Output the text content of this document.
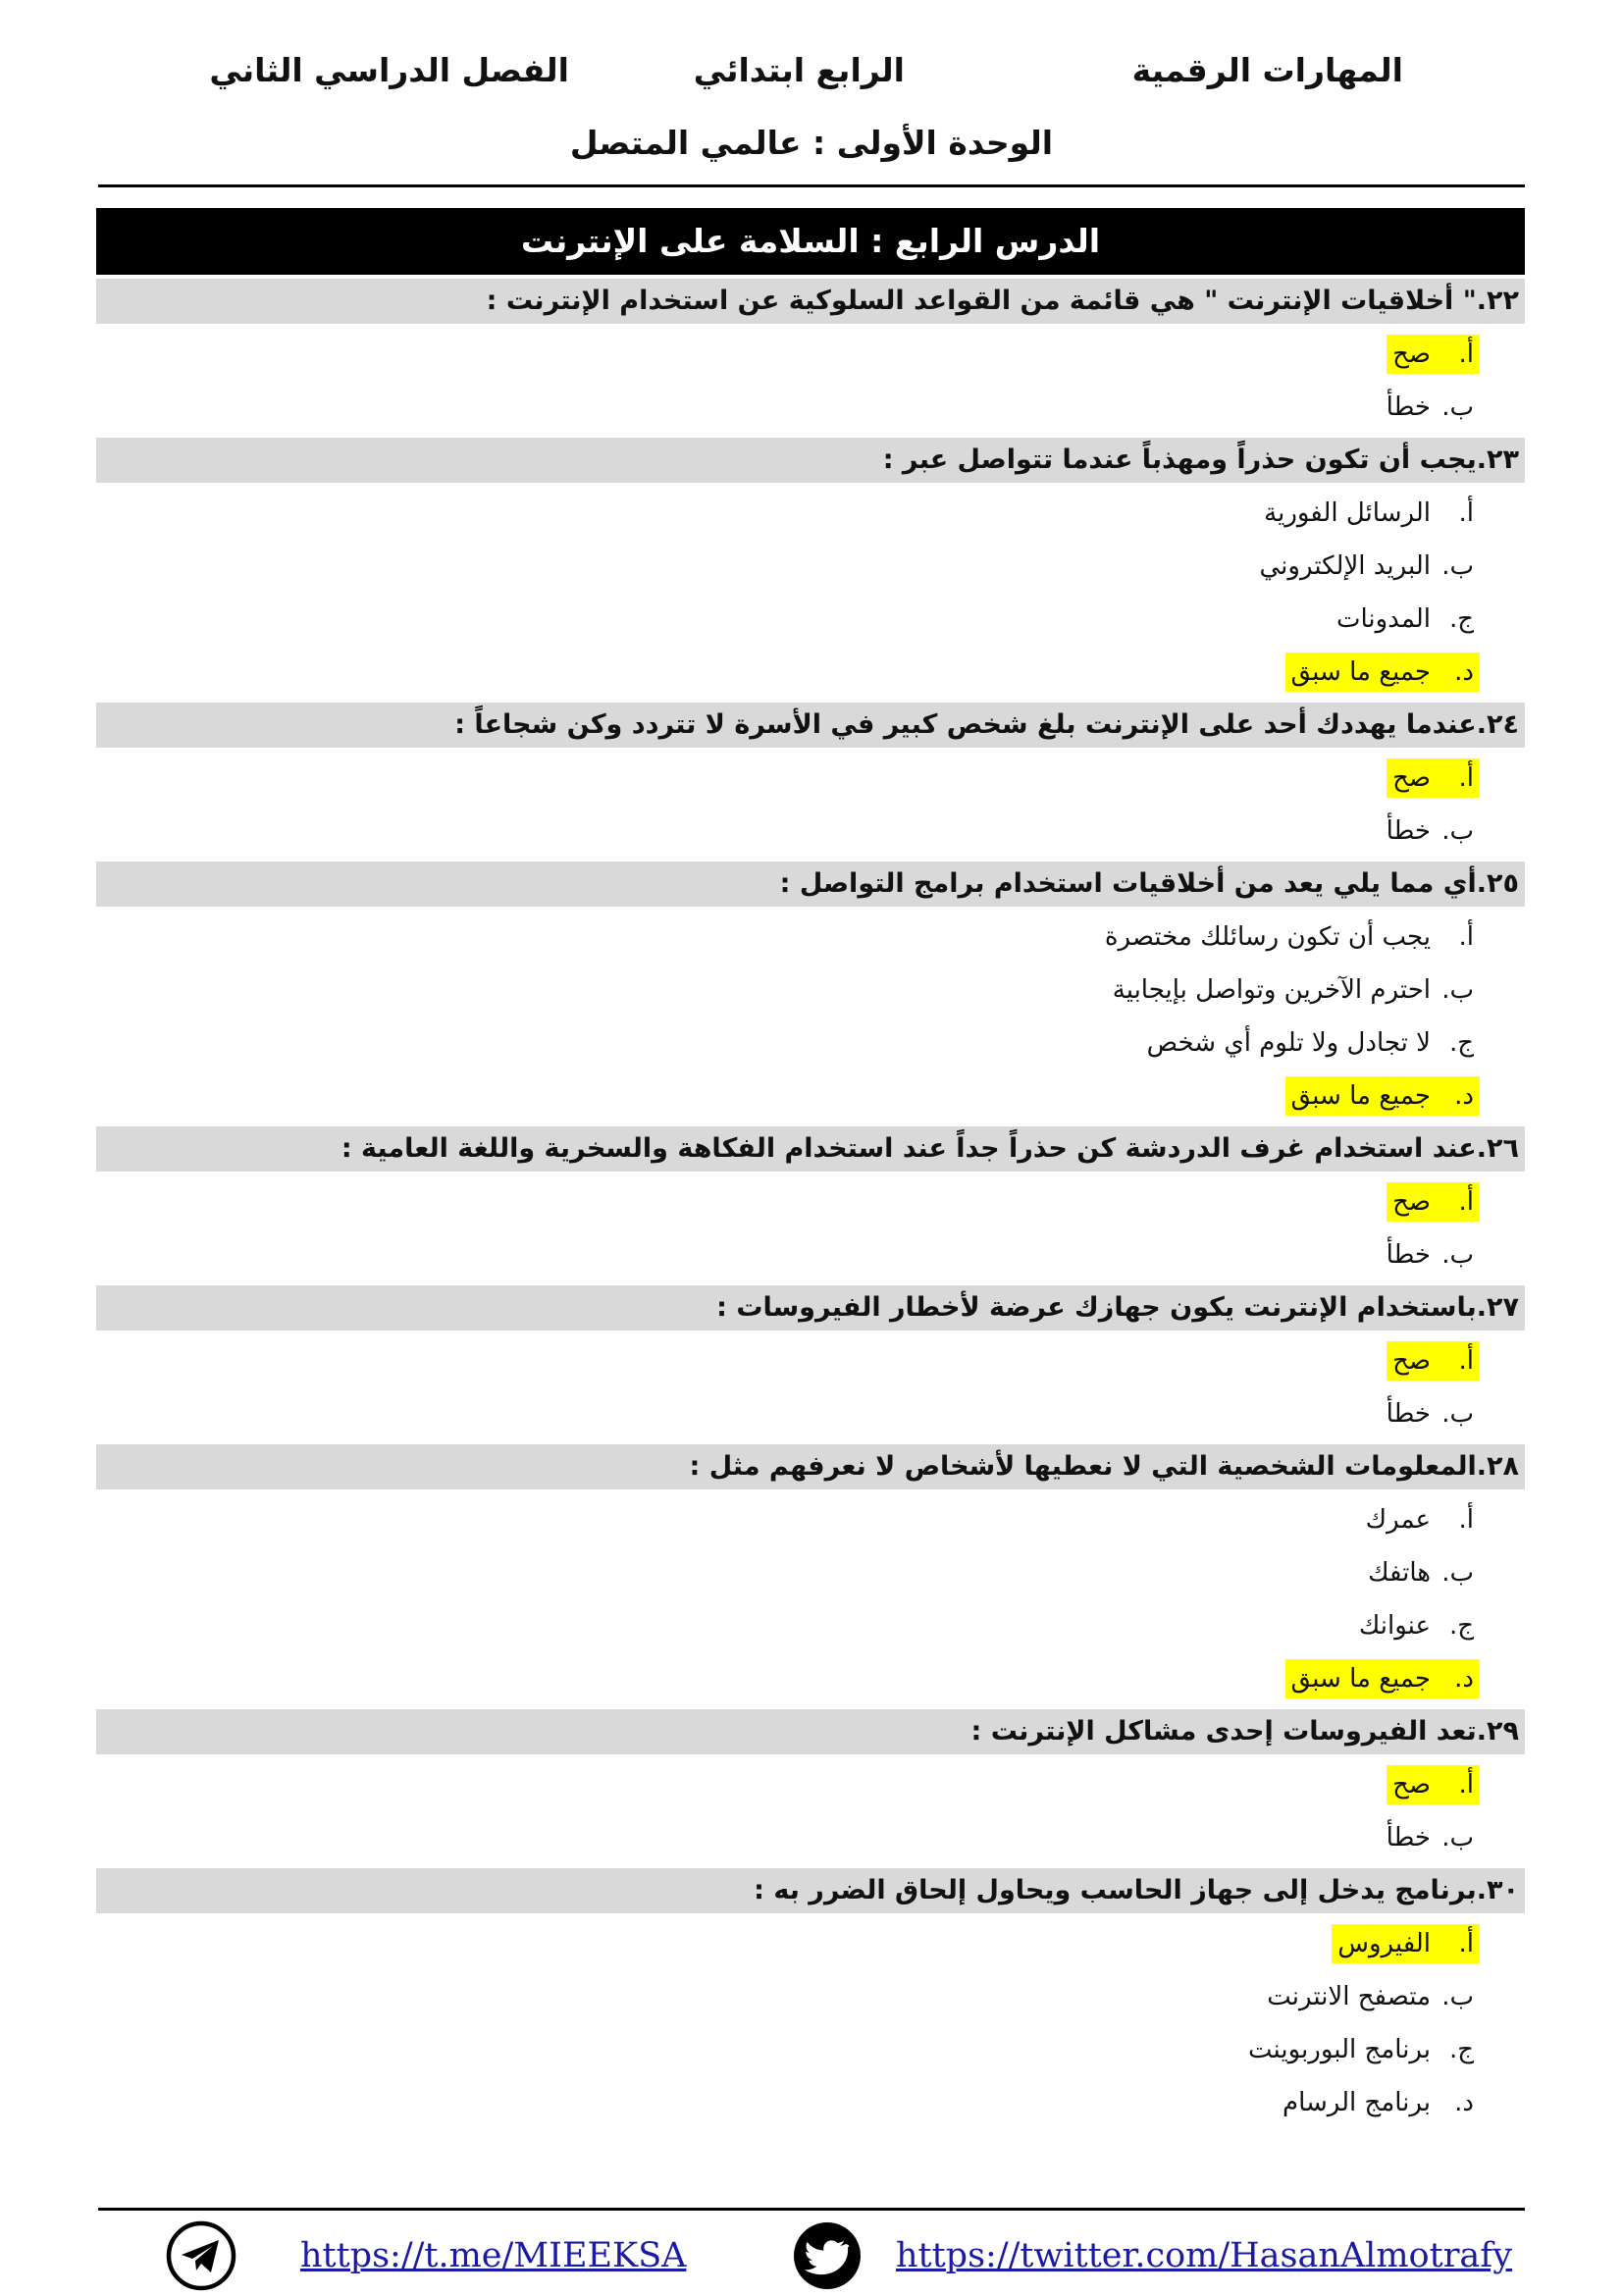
المهارات الرقمية
الرابع ابتدائي
الفصل الدراسي الثاني
الوحدة الأولى : عالمي المتصل
الدرس الرابع : السلامة على الإنترنت
٢٢." أخلاقيات الإنترنت " هي قائمة من القواعد السلوكية عن استخدام الإنترنت :
أ.صح
ب.خطأ
٢٣.يجب أن تكون حذراً ومهذباً عندما تتواصل عبر :
أ.الرسائل الفورية
ب.البريد الإلكتروني
ج.المدونات
د.جميع ما سبق
٢٤.عندما يهددك أحد على الإنترنت بلغ شخص كبير في الأسرة لا تتردد وكن شجاعاً :
أ.صح
ب.خطأ
٢٥.أي مما يلي يعد من أخلاقيات استخدام برامج التواصل :
أ.يجب أن تكون رسائلك مختصرة
ب.احترم الآخرين وتواصل بإيجابية
ج.لا تجادل ولا تلوم أي شخص
د.جميع ما سبق
٢٦.عند استخدام غرف الدردشة كن حذراً جداً عند استخدام الفكاهة والسخرية واللغة العامية :
أ.صح
ب.خطأ
٢٧.باستخدام الإنترنت يكون جهازك عرضة لأخطار الفيروسات :
أ.صح
ب.خطأ
٢٨.المعلومات الشخصية التي لا نعطيها لأشخاص لا نعرفهم مثل :
أ.عمرك
ب.هاتفك
ج.عنوانك
د.جميع ما سبق
٢٩.تعد الفيروسات إحدى مشاكل الإنترنت :
أ.صح
ب.خطأ
٣٠.برنامج يدخل إلى جهاز الحاسب ويحاول إلحاق الضرر به :
أ.الفيروس
ب.متصفح الانترنت
ج.برنامج البوربوينت
د.برنامج الرسام
https://t.me/MIEEKSA	https://twitter.com/HasanAlmotrafy
